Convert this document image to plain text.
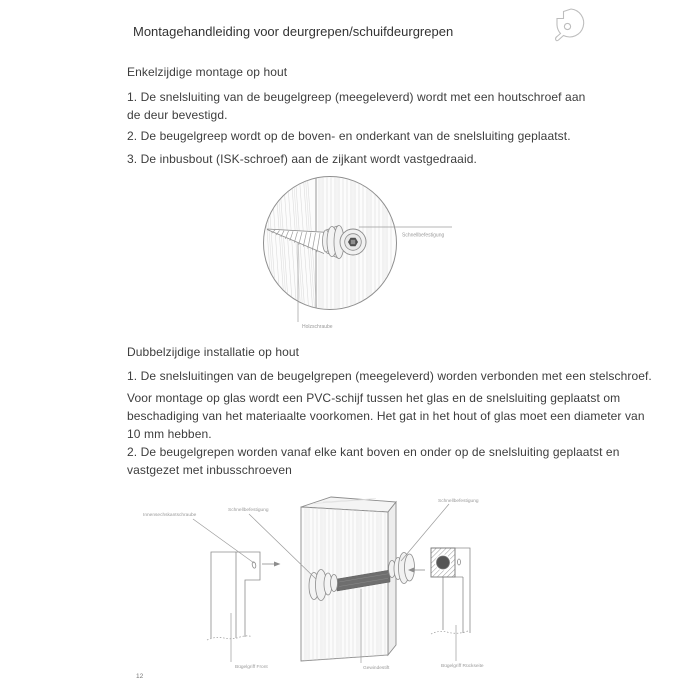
Montagehandleiding voor deurgrepen/schuifdeurgrepen
Enkelzijdige montage op hout
1. De snelsluiting van de beugelgreep (meegeleverd) wordt met een houtschroef aan
de deur bevestigd.
2. De beugelgreep wordt op de boven- en onderkant van de snelsluiting geplaatst.
3. De inbusbout (ISK-schroef) aan de zijkant wordt vastgedraaid.
Schnellbefestigung
Holzschraube
Dubbelzijdige installatie op hout
1. De snelsluitingen van de beugelgrepen (meegeleverd) worden verbonden met een stelschroef.
Voor montage op glas wordt een PVC-schijf tussen het glas en de snelsluiting geplaatst om
beschadiging van het materiaalte voorkomen. Het gat in het hout of glas moet een diameter van
10 mm hebben.
2. De beugelgrepen worden vanaf elke kant boven en onder op de snelsluiting geplaatst en
vastgezet met inbusschroeven
Innensechskantschraube
Schnellbefestigung
Schnellbefestigung
Bügelgriff Front	Gewindestift	Bügelgriff Rückseite
12
